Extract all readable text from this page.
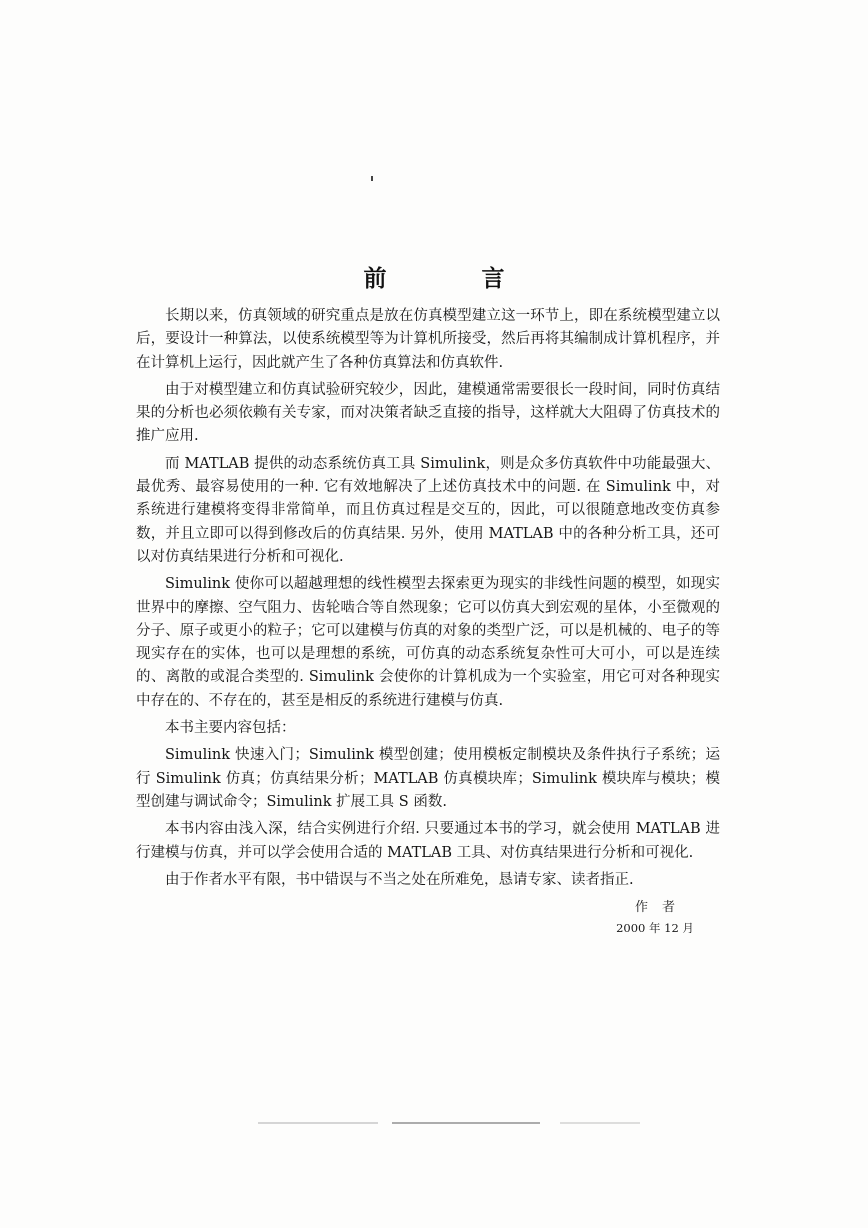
前　言

长期以来，仿真领域的研究重点是放在仿真模型建立这一环节上，即在系统模型建立以后，要设计一种算法，以使系统模型等为计算机所接受，然后再将其编制成计算机程序，并在计算机上运行，因此就产生了各种仿真算法和仿真软件.

由于对模型建立和仿真试验研究较少，因此，建模通常需要很长一段时间，同时仿真结果的分析也必须依赖有关专家，而对决策者缺乏直接的指导，这样就大大阻碍了仿真技术的推广应用.

而 MATLAB 提供的动态系统仿真工具 Simulink，则是众多仿真软件中功能最强大、最优秀、最容易使用的一种. 它有效地解决了上述仿真技术中的问题. 在 Simulink 中，对系统进行建模将变得非常简单，而且仿真过程是交互的，因此，可以很随意地改变仿真参数，并且立即可以得到修改后的仿真结果. 另外，使用 MATLAB 中的各种分析工具，还可以对仿真结果进行分析和可视化.

Simulink 使你可以超越理想的线性模型去探索更为现实的非线性问题的模型，如现实世界中的摩擦、空气阻力、齿轮啮合等自然现象；它可以仿真大到宏观的星体，小至微观的分子、原子或更小的粒子；它可以建模与仿真的对象的类型广泛，可以是机械的、电子的等现实存在的实体，也可以是理想的系统，可仿真的动态系统复杂性可大可小，可以是连续的、离散的或混合类型的. Simulink 会使你的计算机成为一个实验室，用它可对各种现实中存在的、不存在的，甚至是相反的系统进行建模与仿真.

本书主要内容包括：

Simulink 快速入门；Simulink 模型创建；使用模板定制模块及条件执行子系统；运行 Simulink 仿真；仿真结果分析；MATLAB 仿真模块库；Simulink 模块库与模块；模型创建与调试命令；Simulink 扩展工具 S 函数.

本书内容由浅入深，结合实例进行介绍. 只要通过本书的学习，就会使用 MATLAB 进行建模与仿真，并可以学会使用合适的 MATLAB 工具、对仿真结果进行分析和可视化.

由于作者水平有限，书中错误与不当之处在所难免，恳请专家、读者指正.

作者
2000 年 12 月
